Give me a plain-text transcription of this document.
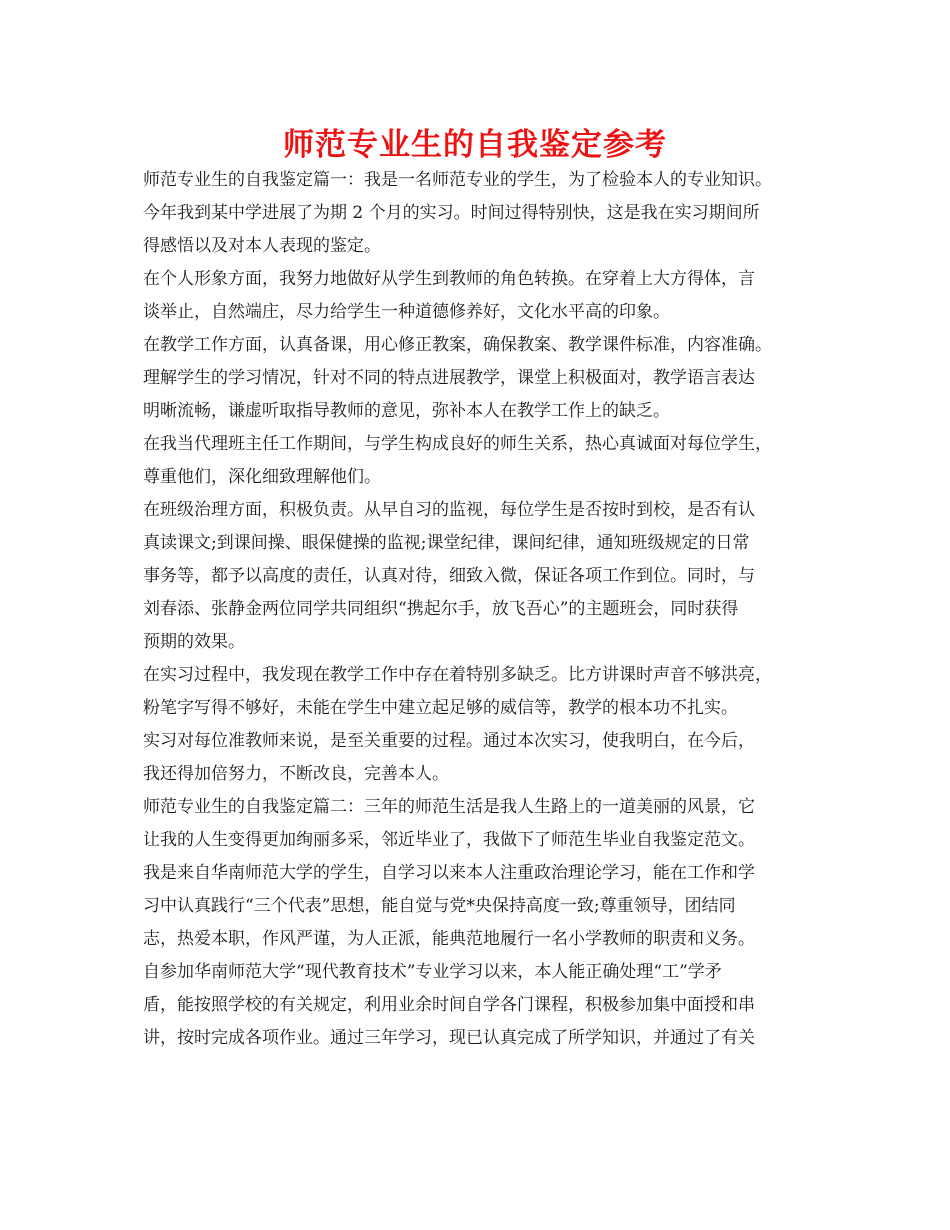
师范专业生的自我鉴定参考
师范专业生的自我鉴定篇一：我是一名师范专业的学生，为了检验本人的专业知识。
今年我到某中学进展了为期 2 个月的实习。时间过得特别快，这是我在实习期间所
得感悟以及对本人表现的鉴定。
在个人形象方面，我努力地做好从学生到教师的角色转换。在穿着上大方得体，言
谈举止，自然端庄，尽力给学生一种道德修养好，文化水平高的印象。
在教学工作方面，认真备课，用心修正教案，确保教案、教学课件标准，内容准确。
理解学生的学习情况，针对不同的特点进展教学，课堂上积极面对，教学语言表达
明晰流畅，谦虚听取指导教师的意见，弥补本人在教学工作上的缺乏。
在我当代理班主任工作期间，与学生构成良好的师生关系，热心真诚面对每位学生，
尊重他们，深化细致理解他们。
在班级治理方面，积极负责。从早自习的监视，每位学生是否按时到校，是否有认
真读课文;到课间操、眼保健操的监视;课堂纪律，课间纪律，通知班级规定的日常
事务等，都予以高度的责任，认真对待，细致入微，保证各项工作到位。同时，与
刘春添、张静金两位同学共同组织“携起尔手，放飞吾心”的主题班会，同时获得
预期的效果。
在实习过程中，我发现在教学工作中存在着特别多缺乏。比方讲课时声音不够洪亮，
粉笔字写得不够好，未能在学生中建立起足够的威信等，教学的根本功不扎实。
实习对每位准教师来说，是至关重要的过程。通过本次实习，使我明白，在今后，
我还得加倍努力，不断改良，完善本人。
师范专业生的自我鉴定篇二：三年的师范生活是我人生路上的一道美丽的风景，它
让我的人生变得更加绚丽多采，邻近毕业了，我做下了师范生毕业自我鉴定范文。
我是来自华南师范大学的学生，自学习以来本人注重政治理论学习，能在工作和学
习中认真践行“三个代表”思想，能自觉与党*央保持高度一致;尊重领导，团结同
志，热爱本职，作风严谨，为人正派，能典范地履行一名小学教师的职责和义务。
自参加华南师范大学“现代教育技术”专业学习以来，本人能正确处理“工”学矛
盾，能按照学校的有关规定，利用业余时间自学各门课程，积极参加集中面授和串
讲，按时完成各项作业。通过三年学习，现已认真完成了所学知识，并通过了有关
